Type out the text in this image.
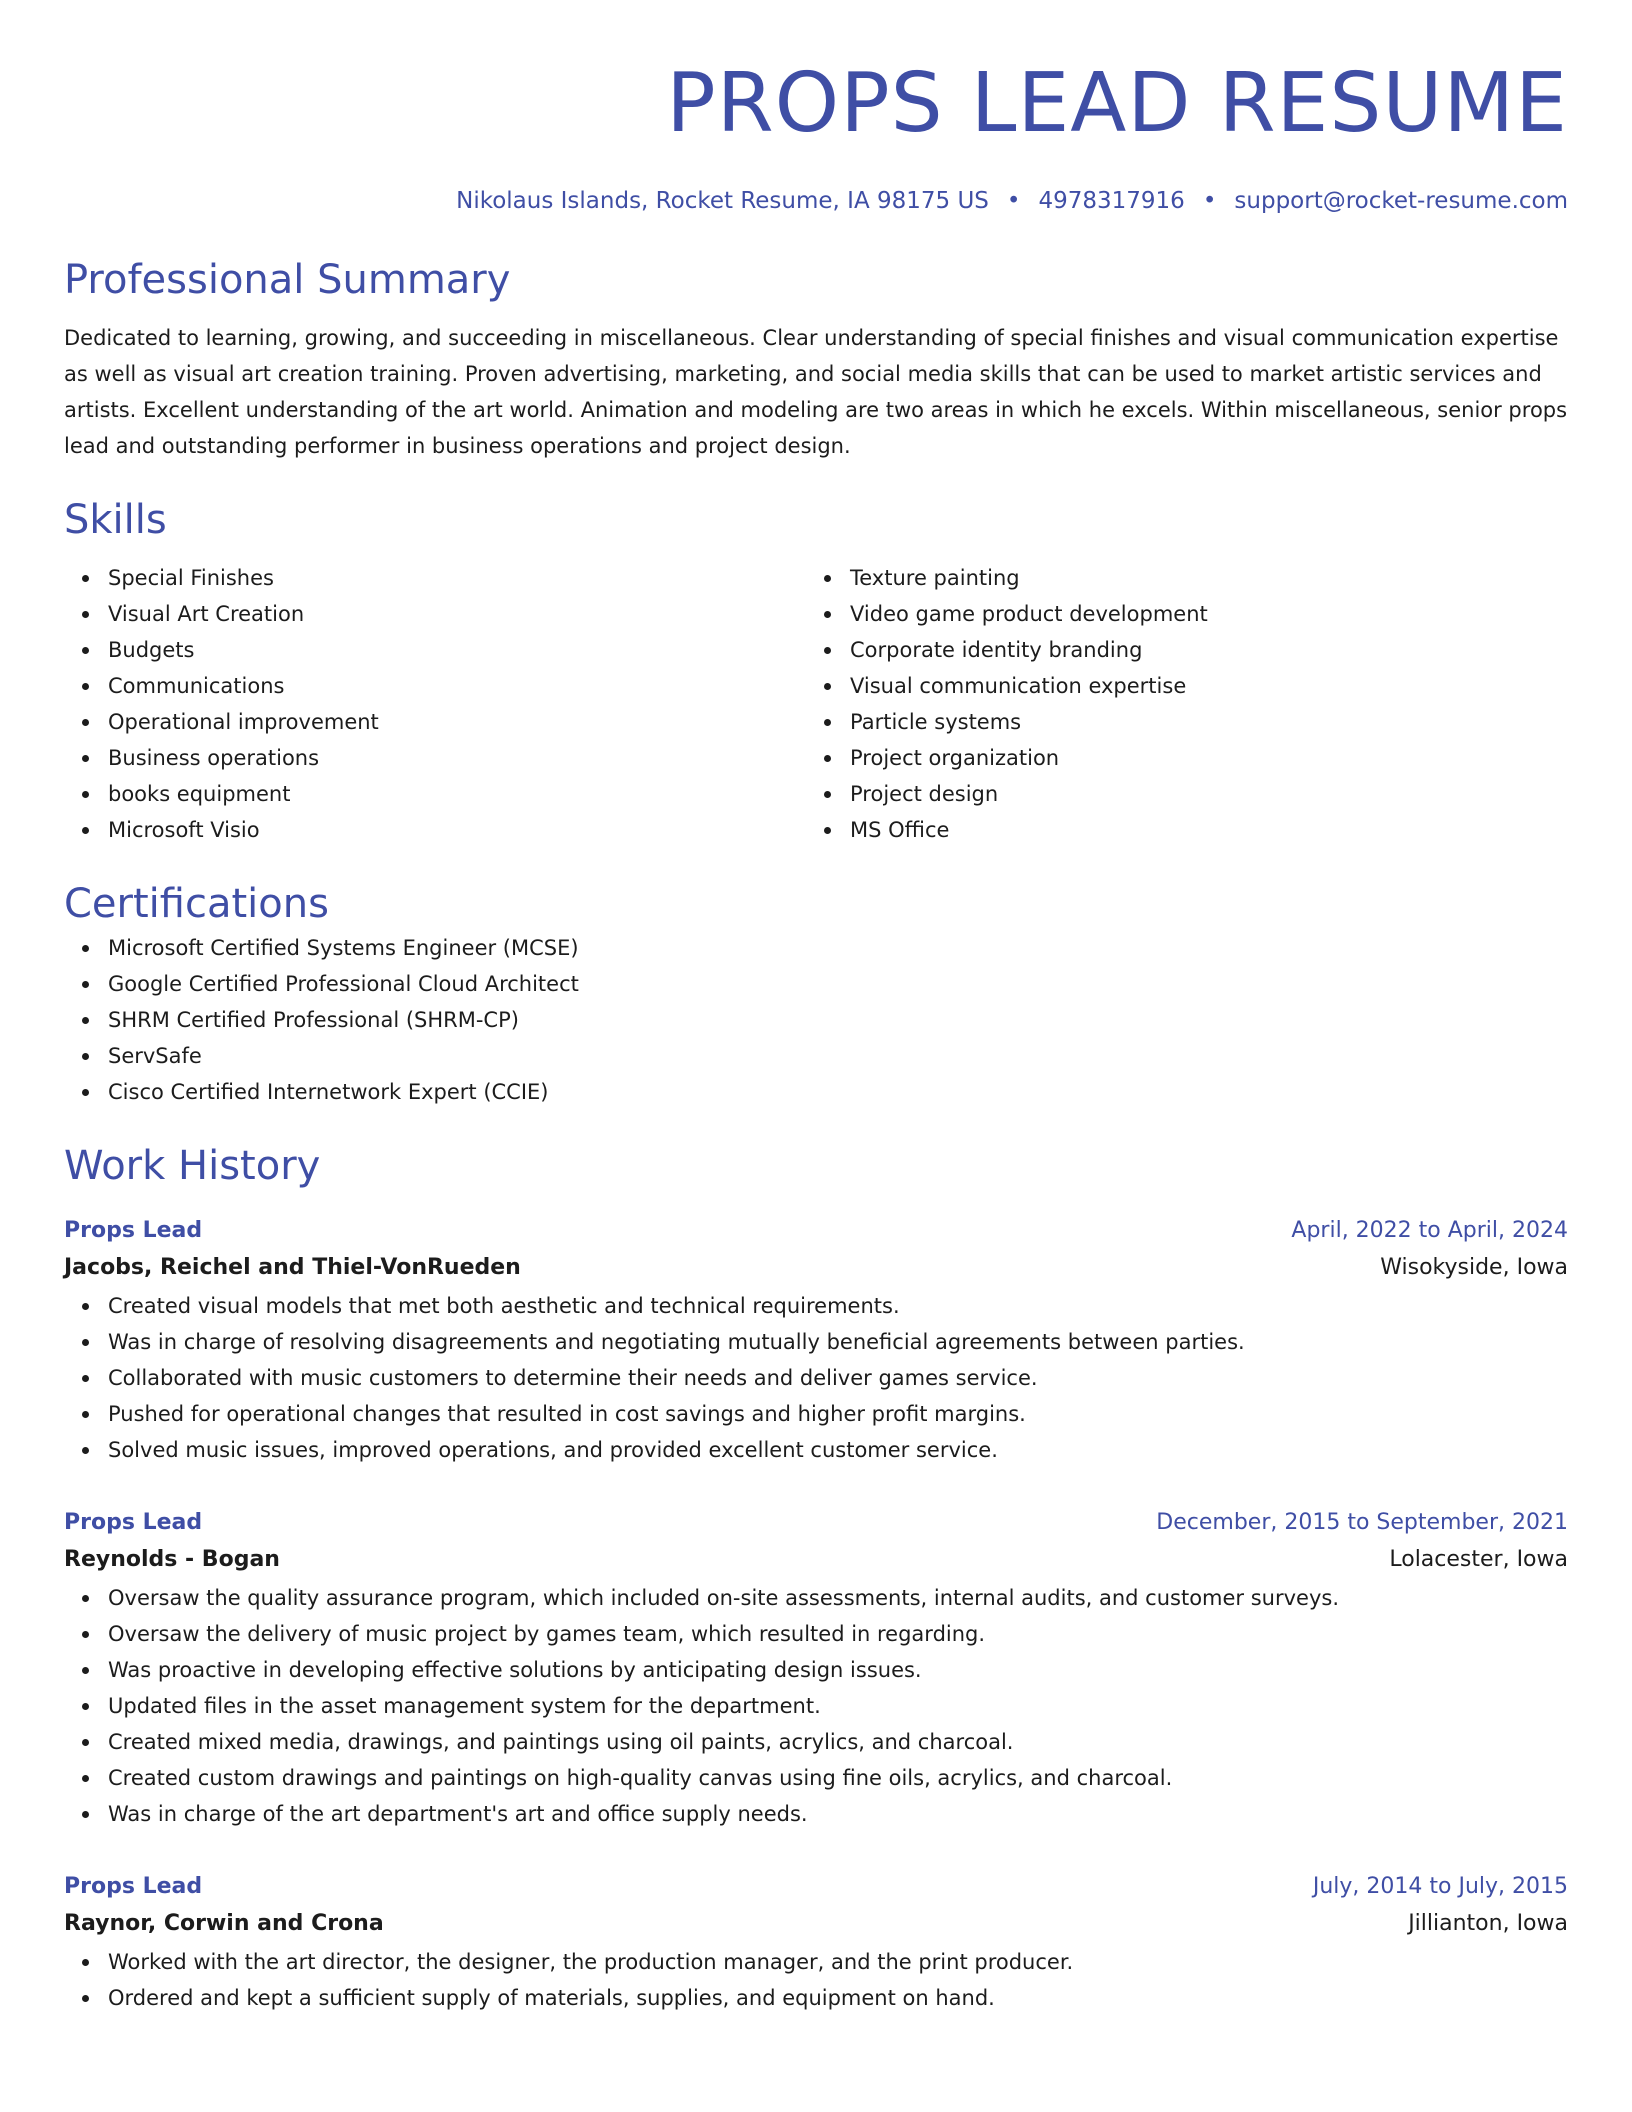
PROPS LEAD RESUME
Nikolaus Islands, Rocket Resume, IA 98175 US • 4978317916 • support@rocket-resume.com
Professional Summary
Dedicated to learning, growing, and succeeding in miscellaneous. Clear understanding of special finishes and visual communication expertise as well as visual art creation training. Proven advertising, marketing, and social media skills that can be used to market artistic services and artists. Excellent understanding of the art world. Animation and modeling are two areas in which he excels. Within miscellaneous, senior props lead and outstanding performer in business operations and project design.
Skills
Special Finishes
Visual Art Creation
Budgets
Communications
Operational improvement
Business operations
books equipment
Microsoft Visio
Texture painting
Video game product development
Corporate identity branding
Visual communication expertise
Particle systems
Project organization
Project design
MS Office
Certifications
Microsoft Certified Systems Engineer (MCSE)
Google Certified Professional Cloud Architect
SHRM Certified Professional (SHRM-CP)
ServSafe
Cisco Certified Internetwork Expert (CCIE)
Work History
Props Lead	April, 2022 to April, 2024
Jacobs, Reichel and Thiel-VonRueden	Wisokyside, Iowa
Created visual models that met both aesthetic and technical requirements.
Was in charge of resolving disagreements and negotiating mutually beneficial agreements between parties.
Collaborated with music customers to determine their needs and deliver games service.
Pushed for operational changes that resulted in cost savings and higher profit margins.
Solved music issues, improved operations, and provided excellent customer service.
Props Lead	December, 2015 to September, 2021
Reynolds - Bogan	Lolacester, Iowa
Oversaw the quality assurance program, which included on-site assessments, internal audits, and customer surveys.
Oversaw the delivery of music project by games team, which resulted in regarding.
Was proactive in developing effective solutions by anticipating design issues.
Updated files in the asset management system for the department.
Created mixed media, drawings, and paintings using oil paints, acrylics, and charcoal.
Created custom drawings and paintings on high-quality canvas using fine oils, acrylics, and charcoal.
Was in charge of the art department's art and office supply needs.
Props Lead	July, 2014 to July, 2015
Raynor, Corwin and Crona	Jillianton, Iowa
Worked with the art director, the designer, the production manager, and the print producer.
Ordered and kept a sufficient supply of materials, supplies, and equipment on hand.
